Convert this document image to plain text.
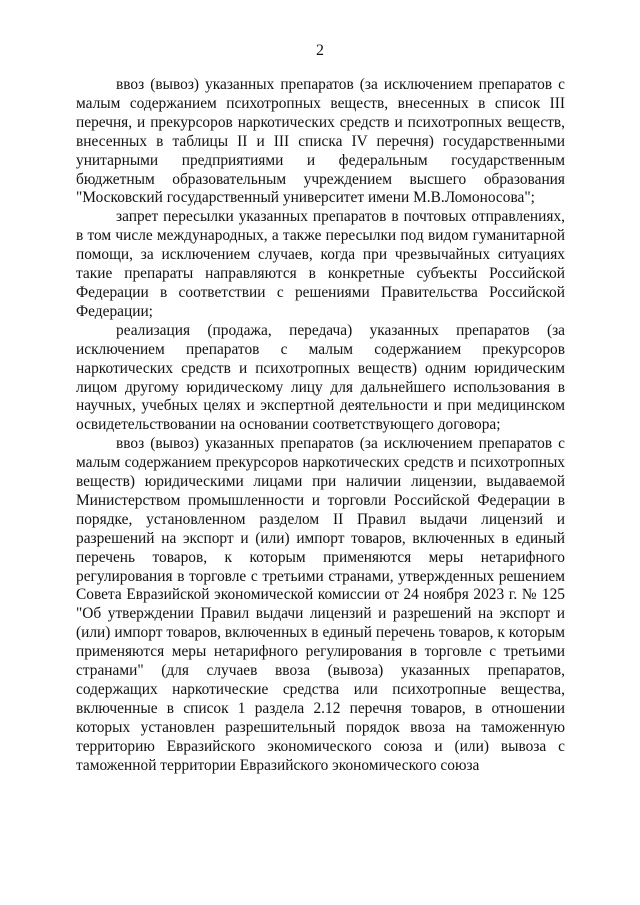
2

ввоз (вывоз) указанных препаратов (за исключением препаратов с малым содержанием психотропных веществ, внесенных в список III перечня, и прекурсоров наркотических средств и психотропных веществ, внесенных в таблицы II и III списка IV перечня) государственными унитарными предприятиями и федеральным государственным бюджетным образовательным учреждением высшего образования "Московский государственный университет имени М.В.Ломоносова";

запрет пересылки указанных препаратов в почтовых отправлениях, в том числе международных, а также пересылки под видом гуманитарной помощи, за исключением случаев, когда при чрезвычайных ситуациях такие препараты направляются в конкретные субъекты Российской Федерации в соответствии с решениями Правительства Российской Федерации;

реализация (продажа, передача) указанных препаратов (за исключением препаратов с малым содержанием прекурсоров наркотических средств и психотропных веществ) одним юридическим лицом другому юридическому лицу для дальнейшего использования в научных, учебных целях и экспертной деятельности и при медицинском освидетельствовании на основании соответствующего договора;

ввоз (вывоз) указанных препаратов (за исключением препаратов с малым содержанием прекурсоров наркотических средств и психотропных веществ) юридическими лицами при наличии лицензии, выдаваемой Министерством промышленности и торговли Российской Федерации в порядке, установленном разделом II Правил выдачи лицензий и разрешений на экспорт и (или) импорт товаров, включенных в единый перечень товаров, к которым применяются меры нетарифного регулирования в торговле с третьими странами, утвержденных решением Совета Евразийской экономической комиссии от 24 ноября 2023 г. № 125 "Об утверждении Правил выдачи лицензий и разрешений на экспорт и (или) импорт товаров, включенных в единый перечень товаров, к которым применяются меры нетарифного регулирования в торговле с третьими странами" (для случаев ввоза (вывоза) указанных препаратов, содержащих наркотические средства или психотропные вещества, включенные в список 1 раздела 2.12 перечня товаров, в отношении которых установлен разрешительный порядок ввоза на таможенную территорию Евразийского экономического союза и (или) вывоза с таможенной территории Евразийского экономического союза
